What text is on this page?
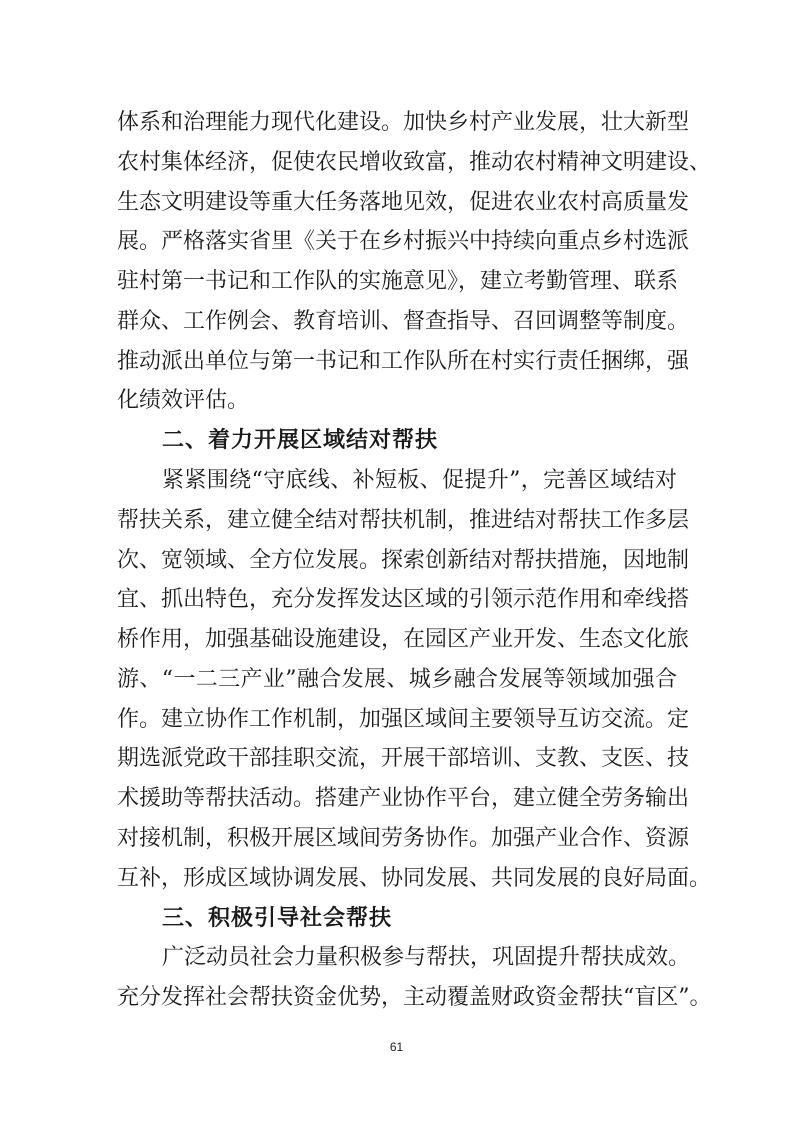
体系和治理能力现代化建设。加快乡村产业发展，壮大新型
农村集体经济，促使农民增收致富，推动农村精神文明建设、
生态文明建设等重大任务落地见效，促进农业农村高质量发
展。严格落实省里《关于在乡村振兴中持续向重点乡村选派
驻村第一书记和工作队的实施意见》，建立考勤管理、联系
群众、工作例会、教育培训、督查指导、召回调整等制度。
推动派出单位与第一书记和工作队所在村实行责任捆绑，强
化绩效评估。
二、着力开展区域结对帮扶
紧紧围绕“守底线、补短板、促提升”，完善区域结对
帮扶关系，建立健全结对帮扶机制，推进结对帮扶工作多层
次、宽领域、全方位发展。探索创新结对帮扶措施，因地制
宜、抓出特色，充分发挥发达区域的引领示范作用和牵线搭
桥作用，加强基础设施建设，在园区产业开发、生态文化旅
游、“一二三产业”融合发展、城乡融合发展等领域加强合
作。建立协作工作机制，加强区域间主要领导互访交流。定
期选派党政干部挂职交流，开展干部培训、支教、支医、技
术援助等帮扶活动。搭建产业协作平台，建立健全劳务输出
对接机制，积极开展区域间劳务协作。加强产业合作、资源
互补，形成区域协调发展、协同发展、共同发展的良好局面。
三、积极引导社会帮扶
广泛动员社会力量积极参与帮扶，巩固提升帮扶成效。
充分发挥社会帮扶资金优势，主动覆盖财政资金帮扶“盲区”。
61
